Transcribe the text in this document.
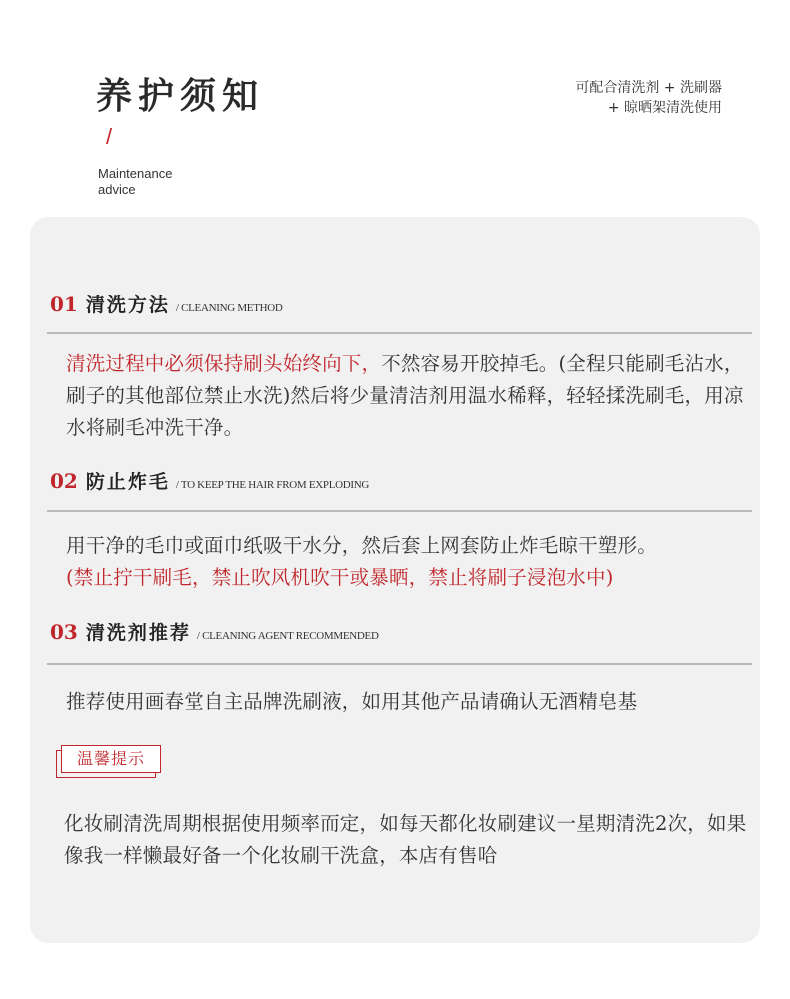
养护须知
/
Maintenance
advice
可配合清洗剂 + 洗刷器
+ 晾晒架清洗使用
01 清洗方法 / CLEANING METHOD

清洗过程中必须保持刷头始终向下，不然容易开胶掉毛。(全程只能刷毛沾水，刷子的其他部位禁止水洗)然后将少量清洁剂用温水稀释，轻轻揉洗刷毛，用凉水将刷毛冲洗干净。

02 防止炸毛 / TO KEEP THE HAIR FROM EXPLODING

用干净的毛巾或面巾纸吸干水分，然后套上网套防止炸毛晾干塑形。
(禁止拧干刷毛，禁止吹风机吹干或暴晒，禁止将刷子浸泡水中)

03 清洗剂推荐 / CLEANING AGENT RECOMMENDED

推荐使用画春堂自主品牌洗刷液，如用其他产品请确认无酒精皂基

温馨提示

化妆刷清洗周期根据使用频率而定，如每天都化妆刷建议一星期清洗2次，如果像我一样懒最好备一个化妆刷干洗盒，本店有售哈
